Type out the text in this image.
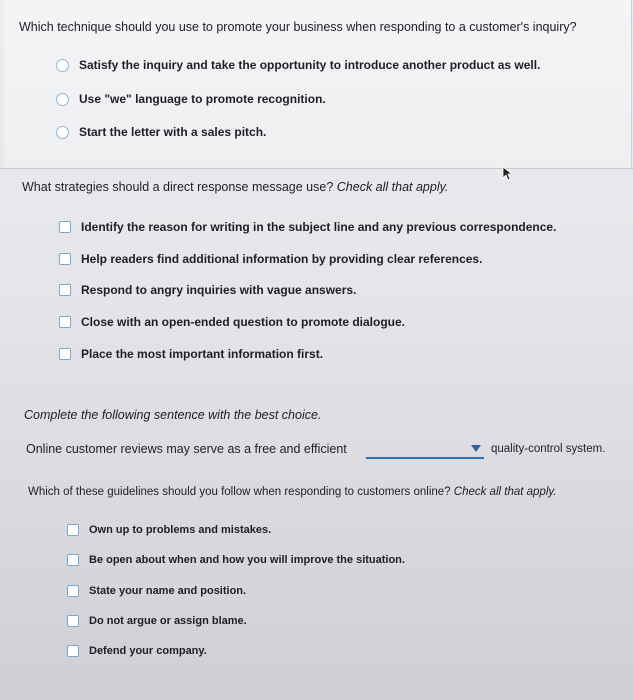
Which technique should you use to promote your business when responding to a customer's inquiry?
Satisfy the inquiry and take the opportunity to introduce another product as well.
Use "we" language to promote recognition.
Start the letter with a sales pitch.
What strategies should a direct response message use? Check all that apply.
Identify the reason for writing in the subject line and any previous correspondence.
Help readers find additional information by providing clear references.
Respond to angry inquiries with vague answers.
Close with an open-ended question to promote dialogue.
Place the most important information first.
Complete the following sentence with the best choice.
Online customer reviews may serve as a free and efficient	quality-control system.
Which of these guidelines should you follow when responding to customers online? Check all that apply.
Own up to problems and mistakes.
Be open about when and how you will improve the situation.
State your name and position.
Do not argue or assign blame.
Defend your company.
